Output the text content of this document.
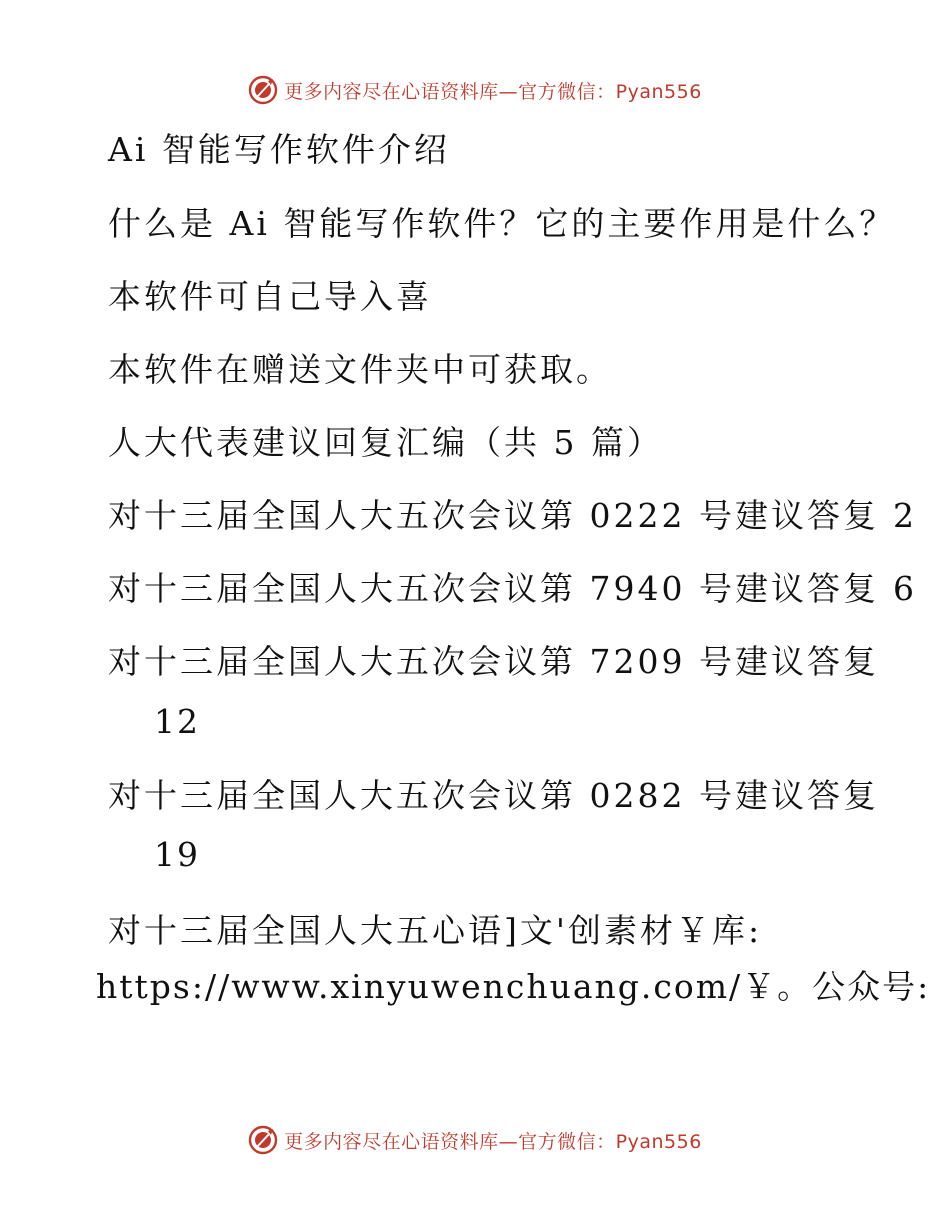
更多内容尽在心语资料库—官方微信：Pyan556
Ai 智能写作软件介绍
什么是 Ai 智能写作软件？它的主要作用是什么？
本软件可自己导入喜
本软件在赠送文件夹中可获取。
人大代表建议回复汇编（共 5 篇）
对十三届全国人大五次会议第 0222 号建议答复 2
对十三届全国人大五次会议第 7940 号建议答复 6
对十三届全国人大五次会议第 7209 号建议答复
12
对十三届全国人大五次会议第 0282 号建议答复
19
对十三届全国人大五心语]文'创素材￥库:
https://www.xinyuwenchuang.com/￥。公众号:
更多内容尽在心语资料库—官方微信：Pyan556
